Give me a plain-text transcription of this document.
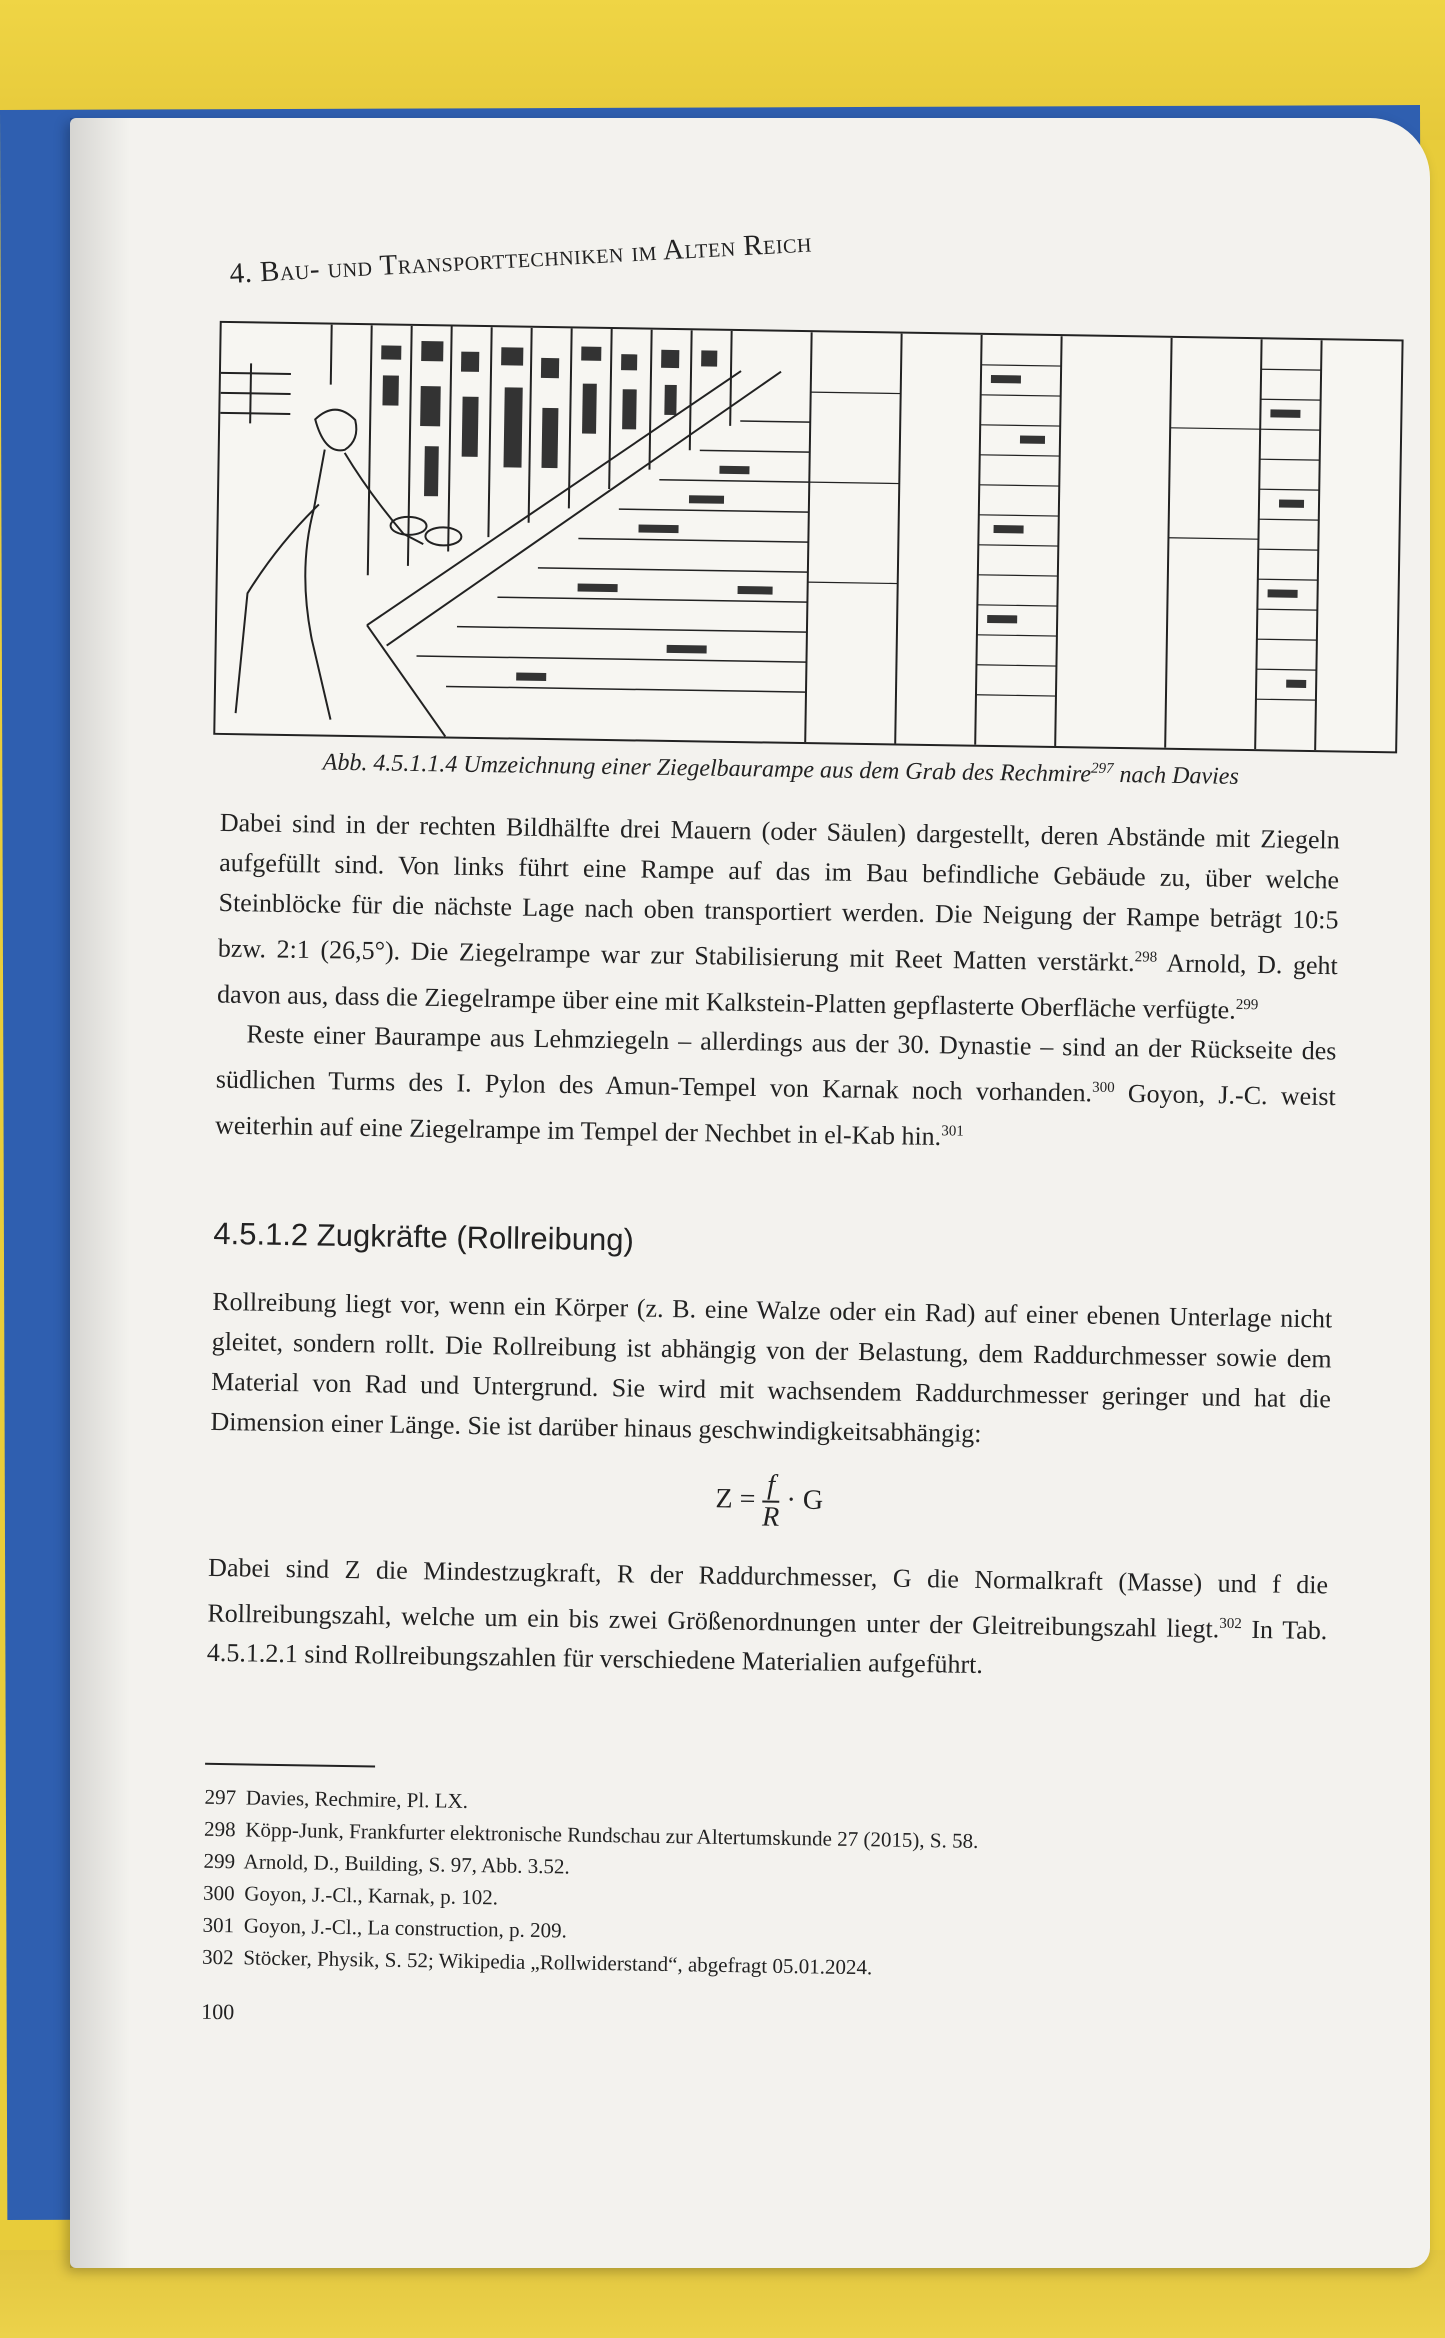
4. Bau- und Transporttechniken im Alten Reich
Abb. 4.5.1.1.4 Umzeichnung einer Ziegelbaurampe aus dem Grab des Rechmire$^{297}$ nach Davies

Dabei sind in der rechten Bildhälfte drei Mauern (oder Säulen) dargestellt, deren Abstände mit Ziegeln aufgefüllt sind. Von links führt eine Rampe auf das im Bau befindliche Gebäude zu, über welche Steinblöcke für die nächste Lage nach oben transportiert werden. Die Neigung der Rampe beträgt 10:5 bzw. 2:1 (26,5°). Die Ziegelrampe war zur Stabilisierung mit Reet Matten verstärkt.$^{298}$ Arnold, D. geht davon aus, dass die Ziegelrampe über eine mit Kalkstein-Platten gepflasterte Oberfläche verfügte.$^{299}$

Reste einer Baurampe aus Lehmziegeln – allerdings aus der 30. Dynastie – sind an der Rückseite des südlichen Turms des I. Pylon des Amun-Tempel von Karnak noch vorhanden.$^{300}$ Goyon, J.-C. weist weiterhin auf eine Ziegelrampe im Tempel der Nechbet in el-Kab hin.$^{301}$

4.5.1.2 Zugkräfte (Rollreibung)

Rollreibung liegt vor, wenn ein Körper (z. B. eine Walze oder ein Rad) auf einer ebenen Unterlage nicht gleitet, sondern rollt. Die Rollreibung ist abhängig von der Belastung, dem Raddurchmesser sowie dem Material von Rad und Untergrund. Sie wird mit wachsendem Raddurchmesser geringer und hat die Dimension einer Länge. Sie ist darüber hinaus geschwindigkeitsabhängig:

$Z = \frac{f}{R} \cdot G$

Dabei sind Z die Mindestzugkraft, R der Raddurchmesser, G die Normalkraft (Masse) und f die Rollreibungszahl, welche um ein bis zwei Größenordnungen unter der Gleitreibungszahl liegt.$^{302}$ In Tab. 4.5.1.2.1 sind Rollreibungszahlen für verschiedene Materialien aufgeführt.

297 Davies, Rechmire, Pl. LX.
298 Köpp-Junk, Frankfurter elektronische Rundschau zur Altertumskunde 27 (2015), S. 58.
299 Arnold, D., Building, S. 97, Abb. 3.52.
300 Goyon, J.-Cl., Karnak, p. 102.
301 Goyon, J.-Cl., La construction, p. 209.
302 Stöcker, Physik, S. 52; Wikipedia „Rollwiderstand“, abgefragt 05.01.2024.
100
